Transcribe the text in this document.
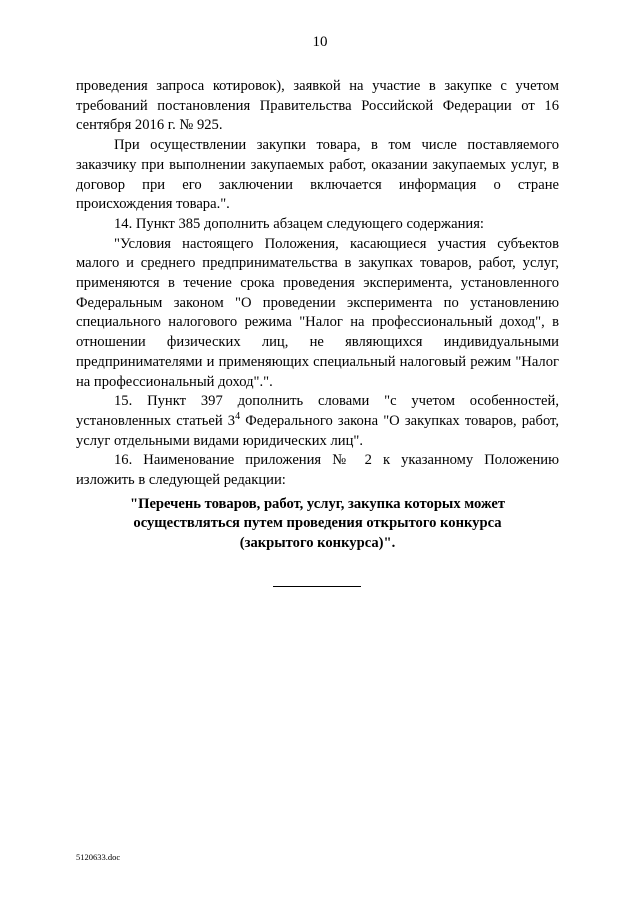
10

проведения запроса котировок), заявкой на участие в закупке с учетом требований постановления Правительства Российской Федерации от 16 сентября 2016 г. № 925.

При осуществлении закупки товара, в том числе поставляемого заказчику при выполнении закупаемых работ, оказании закупаемых услуг, в договор при его заключении включается информация о стране происхождения товара.".

14. Пункт 385 дополнить абзацем следующего содержания:

"Условия настоящего Положения, касающиеся участия субъектов малого и среднего предпринимательства в закупках товаров, работ, услуг, применяются в течение срока проведения эксперимента, установленного Федеральным законом "О проведении эксперимента по установлению специального налогового режима "Налог на профессиональный доход", в отношении физических лиц, не являющихся индивидуальными предпринимателями и применяющих специальный налоговый режим "Налог на профессиональный доход".".

15. Пункт 397 дополнить словами "с учетом особенностей, установленных статьей $3^4$ Федерального закона "О закупках товаров, работ, услуг отдельными видами юридических лиц".

16. Наименование приложения № 2 к указанному Положению изложить в следующей редакции:

"Перечень товаров, работ, услуг, закупка которых может
осуществляться путем проведения открытого конкурса
(закрытого конкурса)".
5120633.doc
